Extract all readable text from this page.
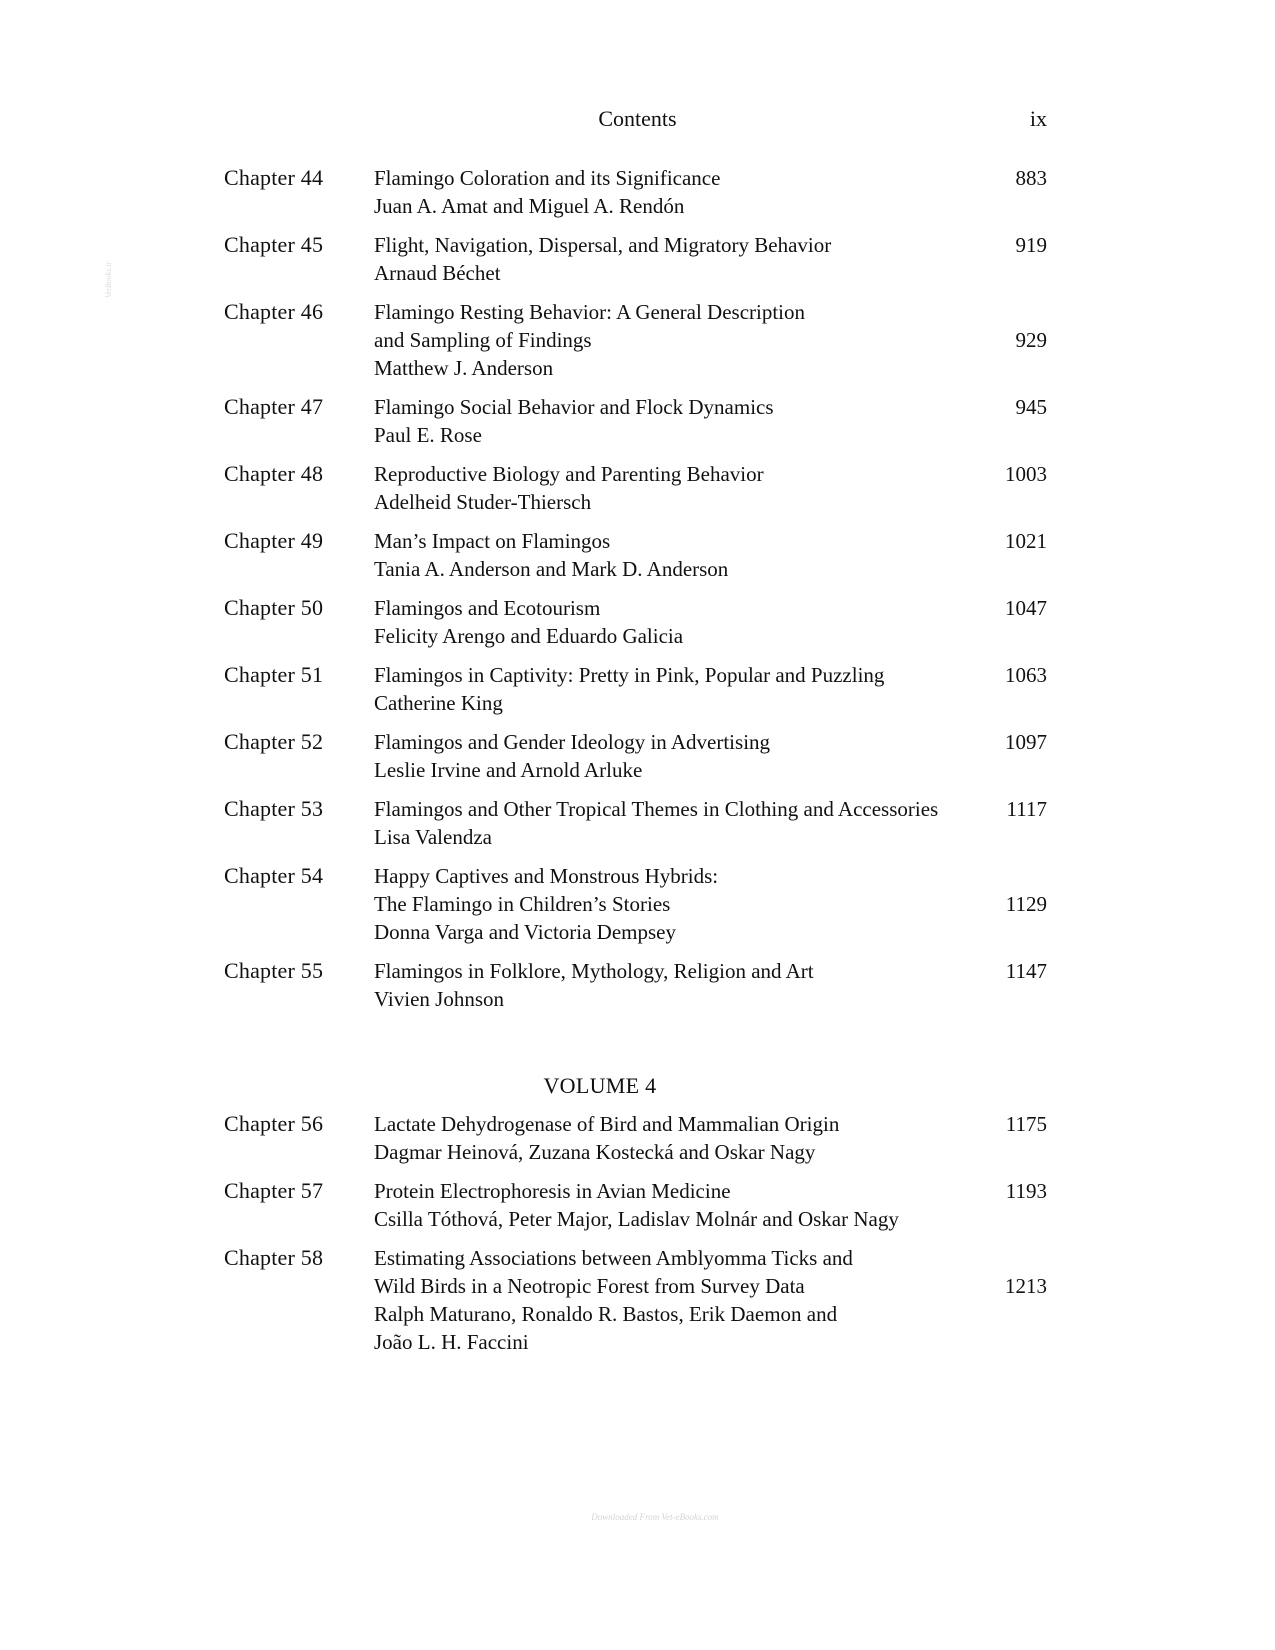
Contents	ix
VetBooks.ir
Chapter 44	Flamingo Coloration and its Significance
Juan A. Amat and Miguel A. Rendón
883
Chapter 45	Flight, Navigation, Dispersal, and Migratory Behavior
Arnaud Béchet
919
Chapter 46	Flamingo Resting Behavior: A General Description
and Sampling of Findings
Matthew J. Anderson
929
Chapter 47	Flamingo Social Behavior and Flock Dynamics
Paul E. Rose
945
Chapter 48	Reproductive Biology and Parenting Behavior
Adelheid Studer-Thiersch
1003
Chapter 49	Man’s Impact on Flamingos
Tania A. Anderson and Mark D. Anderson
1021
Chapter 50	Flamingos and Ecotourism
Felicity Arengo and Eduardo Galicia
1047
Chapter 51	Flamingos in Captivity: Pretty in Pink, Popular and Puzzling
Catherine King
1063
Chapter 52	Flamingos and Gender Ideology in Advertising
Leslie Irvine and Arnold Arluke
1097
Chapter 53	Flamingos and Other Tropical Themes in Clothing and Accessories
Lisa Valendza
1117
Chapter 54	Happy Captives and Monstrous Hybrids:
The Flamingo in Children’s Stories
Donna Varga and Victoria Dempsey
1129
Chapter 55	Flamingos in Folklore, Mythology, Religion and Art
Vivien Johnson
1147
VOLUME 4
Chapter 56	Lactate Dehydrogenase of Bird and Mammalian Origin
Dagmar Heinová, Zuzana Kostecká and Oskar Nagy
1175
Chapter 57	Protein Electrophoresis in Avian Medicine
Csilla Tóthová, Peter Major, Ladislav Molnár and Oskar Nagy
1193
Chapter 58	Estimating Associations between Amblyomma Ticks and
Wild Birds in a Neotropic Forest from Survey Data
Ralph Maturano, Ronaldo R. Bastos, Erik Daemon and
João L. H. Faccini
1213
Downloaded From Vet-eBooks.com
